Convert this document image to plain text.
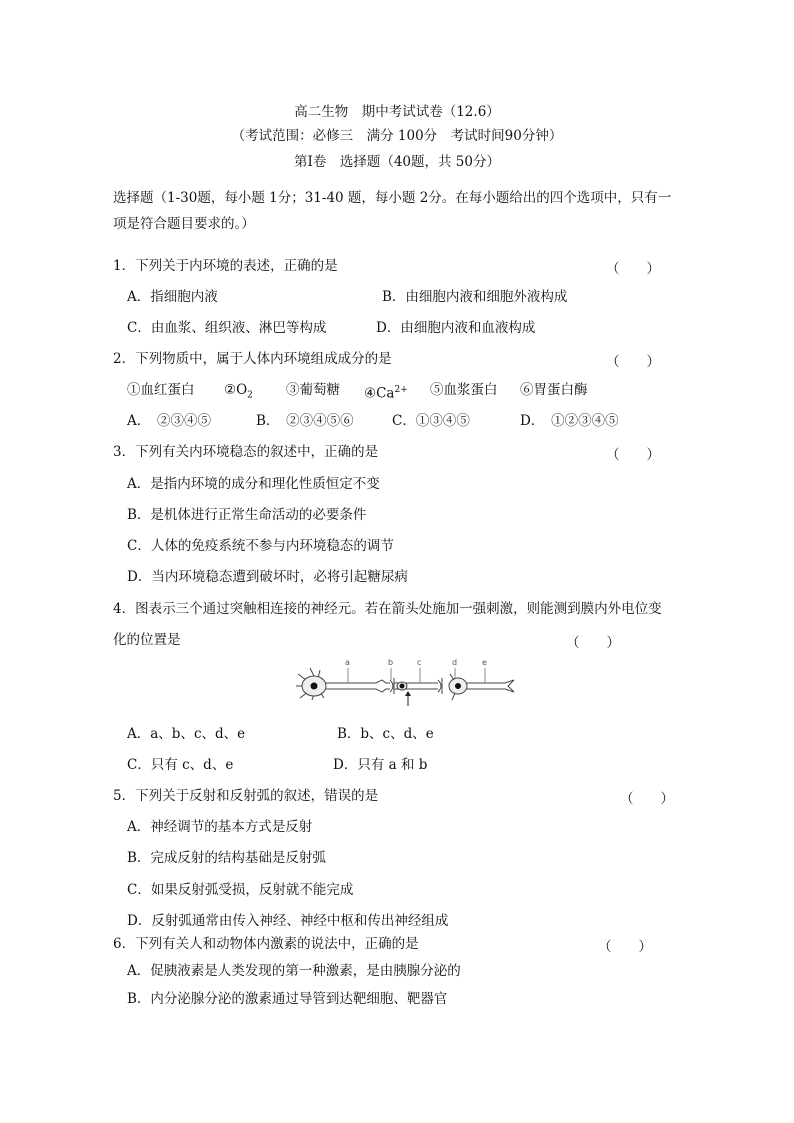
高二生物　期中考试试卷（12.6）
（考试范围：必修三　满分 100分　考试时间90分钟）
第Ⅰ卷　选择题（40题，共 50分）
选择题（1-30题，每小题 1分；31-40 题，每小题 2分。在每小题给出的四个选项中，只有一
项是符合题目要求的。）
1．下列关于内环境的表述，正确的是	（　　）
A．指细胞内液	B．由细胞内液和细胞外液构成
C．由血浆、组织液、淋巴等构成	D．由细胞内液和血液构成
2．下列物质中，属于人体内环境组成成分的是	（　　）
①血红蛋白 $②O_2$ ③葡萄糖 $④Ca^{2+}$ ⑤血浆蛋白 ⑥胃蛋白酶
A．　②③④⑤	B．　②③④⑤⑥	C．①③④⑤	D．　①②③④⑤
3．下列有关内环境稳态的叙述中，正确的是	（　　）
A．是指内环境的成分和理化性质恒定不变
B．是机体进行正常生命活动的必要条件
C．人体的免疫系统不参与内环境稳态的调节
D．当内环境稳态遭到破坏时，必将引起糖尿病
4．图表示三个通过突触相连接的神经元。若在箭头处施加一强刺激，则能测到膜内外电位变
化的位置是	（　　）
a	b	c	d	e
A．a、b、c、d、e	B．b、c、d、e
C．只有 c、d、e	D．只有 a 和 b
5．下列关于反射和反射弧的叙述，错误的是	（　　）
A．神经调节的基本方式是反射
B．完成反射的结构基础是反射弧
C．如果反射弧受损，反射就不能完成
D．反射弧通常由传入神经、神经中枢和传出神经组成
6．下列有关人和动物体内激素的说法中，正确的是	（　　）
A．促胰液素是人类发现的第一种激素，是由胰腺分泌的
B．内分泌腺分泌的激素通过导管到达靶细胞、靶器官
